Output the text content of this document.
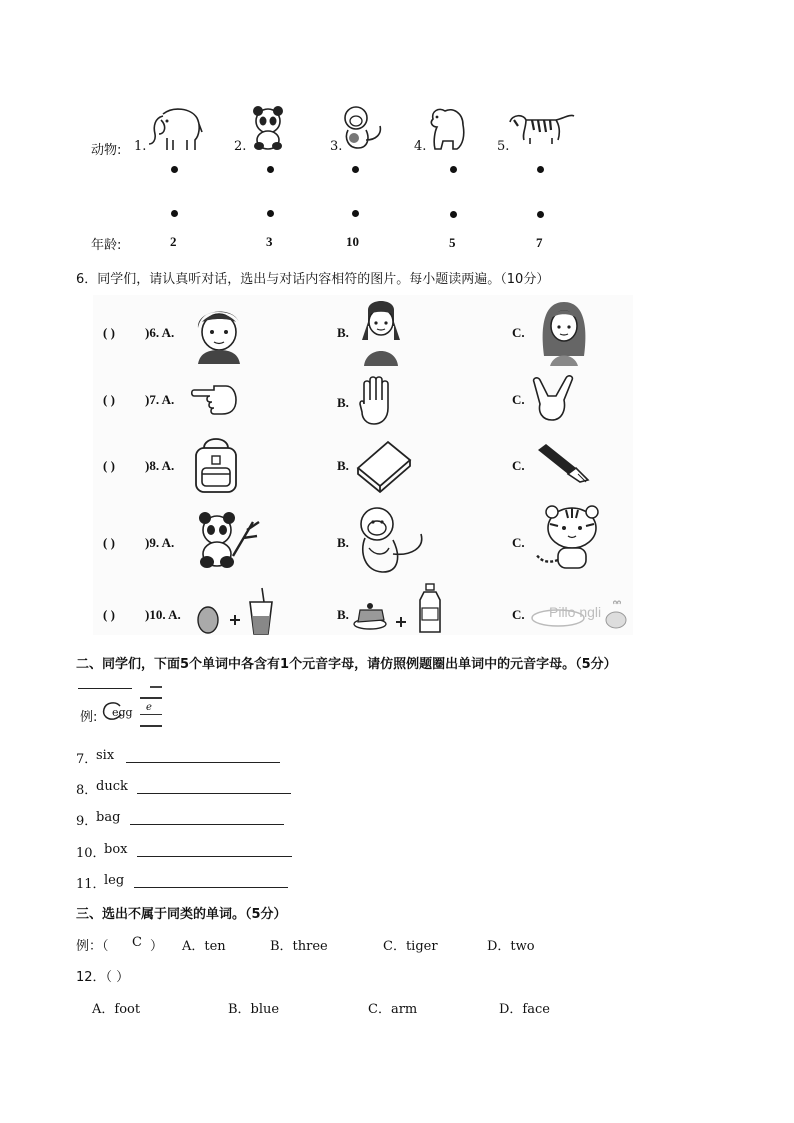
动物: 1.	2.	3.	4.	5.
年龄:	2	3	10	5	7
6．同学们，请认真听对话，选出与对话内容相符的图片。每小题读两遍。（10分）
( ) )6. A.	B.	C.
( ) )7. A.	B.	C.
( ) )8. A.	B.	C.
( ) )9. A.	B.	C.
( ) )10. A.	B.	C. Pillo ngli
二、同学们，下面5个单词中各含有1个元音字母，请仿照例题圈出单词中的元音字母。（5分）
例: egg e
7．
six
8．
duck
9．
bag
10．
box
11．
leg
三、选出不属于同类的单词。（5分）
例：（ C ） A．ten	B．three	C．tiger	D．two
12．（ ）
A．foot	B．blue	C．arm	D．face
